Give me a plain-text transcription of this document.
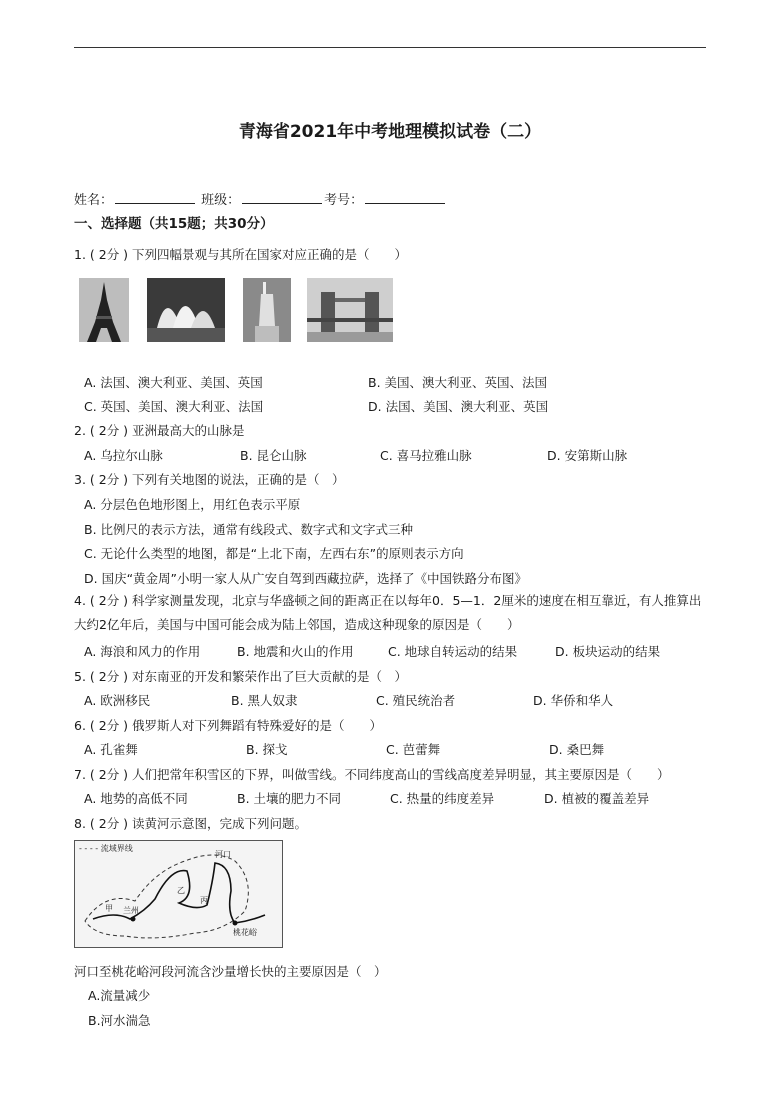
青海省2021年中考地理模拟试卷（二）
姓名：	班级：	考号：
一、选择题（共15题；共30分）
1. ( 2分 ) 下列四幅景观与其所在国家对应正确的是（　　）
A. 法国、澳大利亚、美国、英国	B. 美国、澳大利亚、英国、法国
C. 英国、美国、澳大利亚、法国	D. 法国、美国、澳大利亚、英国
2. ( 2分 ) 亚洲最高大的山脉是
A. 乌拉尔山脉	B. 昆仑山脉	C. 喜马拉雅山脉	D. 安第斯山脉
3. ( 2分 ) 下列有关地图的说法，正确的是（　）
A. 分层色色地形图上，用红色表示平原
B. 比例尺的表示方法，通常有线段式、数字式和文字式三种
C. 无论什么类型的地图，都是“上北下南，左西右东”的原则表示方向
D. 国庆“黄金周”小明一家人从广安自驾到西藏拉萨，选择了《中国铁路分布图》
4. ( 2分 ) 科学家测量发现，北京与华盛顿之间的距离正在以每年0．5—1．2厘米的速度在相互靠近，有人推算出大约2亿年后，美国与中国可能会成为陆上邻国，造成这种现象的原因是（　　）
A. 海浪和风力的作用	B. 地震和火山的作用	C. 地球自转运动的结果	D. 板块运动的结果
5. ( 2分 ) 对东南亚的开发和繁荣作出了巨大贡献的是（　）
A. 欧洲移民	B. 黑人奴隶	C. 殖民统治者	D. 华侨和华人
6. ( 2分 ) 俄罗斯人对下列舞蹈有特殊爱好的是（　　）
A. 孔雀舞	B. 探戈	C. 芭蕾舞	D. 桑巴舞
7. ( 2分 ) 人们把常年积雪区的下界，叫做雪线。不同纬度高山的雪线高度差异明显，其主要原因是（　　）
A. 地势的高低不同	B. 土壤的肥力不同	C. 热量的纬度差异	D. 植被的覆盖差异
8. ( 2分 ) 读黄河示意图，完成下列问题。
- - - - 流域界线
兰州
桃花峪
河口
甲
乙
丙
河口至桃花峪河段河流含沙量增长快的主要原因是（　）
A.流量减少
B.河水湍急
